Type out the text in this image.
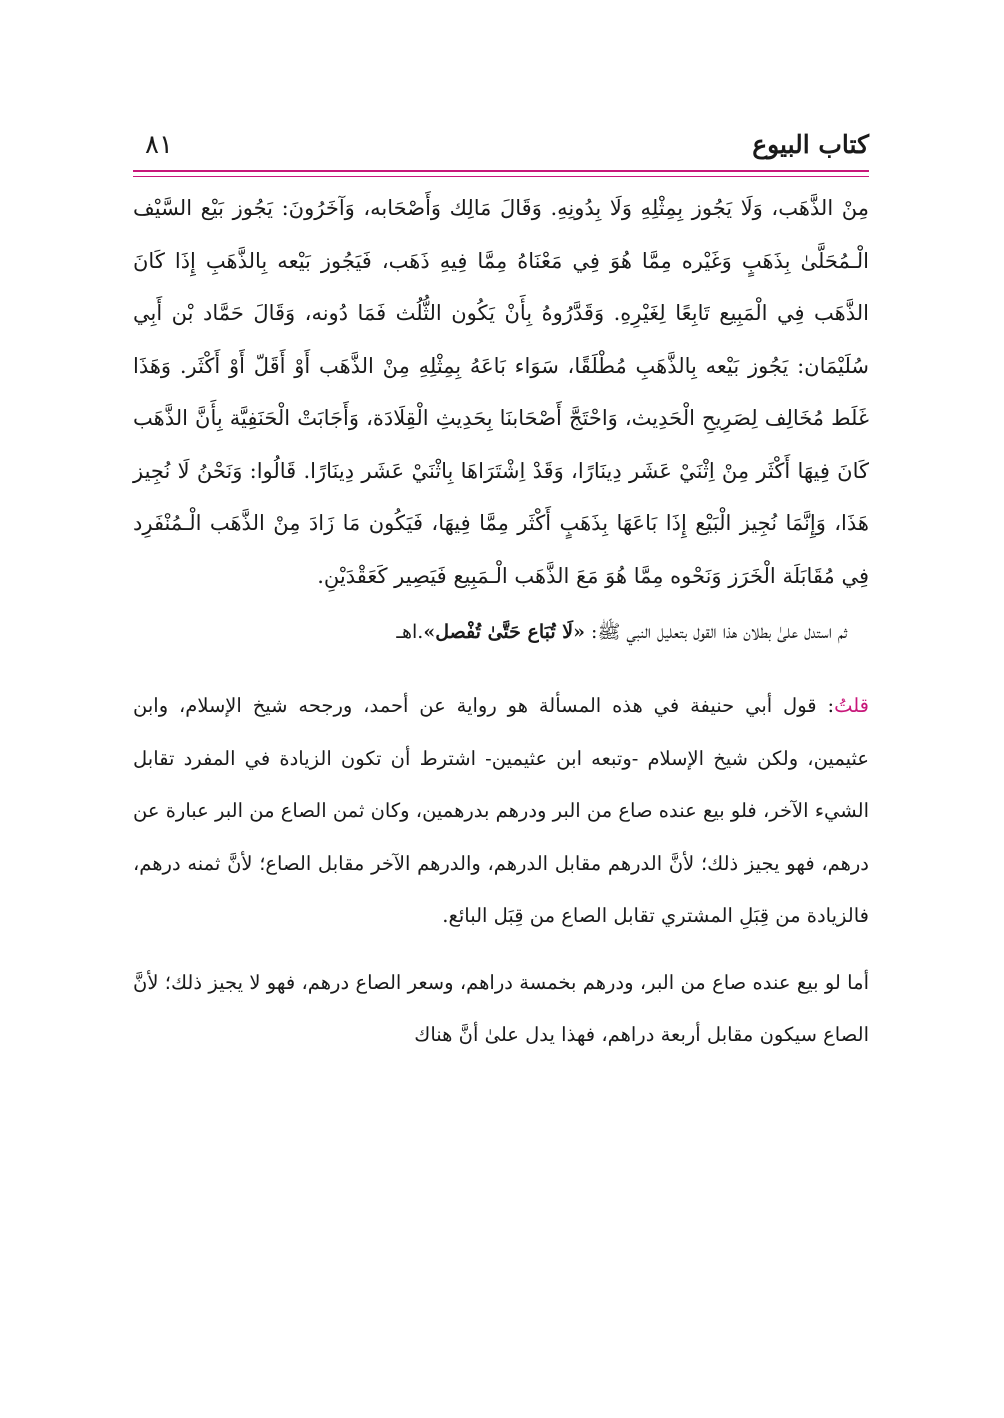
٨١	كتاب البيوع

مِنْ الذَّهَب، وَلَا يَجُوز بِمِثْلِهِ وَلَا بِدُونِهِ. وَقَالَ مَالِك وَأَصْحَابه، وَآخَرُونَ: يَجُوز بَيْع السَّيْف الْـمُحَلَّىٰ بِذَهَبٍ وَغَيْره مِمَّا هُوَ فِي مَعْنَاهُ مِمَّا فِيهِ ذَهَب، فَيَجُوز بَيْعه بِالذَّهَبِ إِذَا كَانَ الذَّهَب فِي الْمَبِيع تَابِعًا لِغَيْرِهِ. وَقَدَّرُوهُ بِأَنْ يَكُون الثُّلُث فَمَا دُونه، وَقَالَ حَمَّاد بْن أَبِي سُلَيْمَان: يَجُوز بَيْعه بِالذَّهَبِ مُطْلَقًا، سَوَاء بَاعَهُ بِمِثْلِهِ مِنْ الذَّهَب أَوْ أَقَلّ أَوْ أَكْثَر. وَهَذَا غَلَط مُخَالِف لِصَرِيحِ الْحَدِيث، وَاحْتَجَّ أَصْحَابنَا بِحَدِيثِ الْقِلَادَة، وَأَجَابَتْ الْحَنَفِيَّة بِأَنَّ الذَّهَب كَانَ فِيهَا أَكْثَر مِنْ اِثْنَيْ عَشَر دِينَارًا، وَقَدْ اِشْتَرَاهَا بِاثْنَيْ عَشَر دِينَارًا. قَالُوا: وَنَحْنُ لَا نُجِيز هَذَا، وَإِنَّمَا نُجِيز الْبَيْع إِذَا بَاعَهَا بِذَهَبٍ أَكْثَر مِمَّا فِيهَا، فَيَكُون مَا زَادَ مِنْ الذَّهَب الْـمُنْفَرِد فِي مُقَابَلَة الْخَرَز وَنَحْوه مِمَّا هُوَ مَعَ الذَّهَب الْـمَبِيع فَيَصِير كَعَقْدَيْنِ.

ثم استدل علىٰ بطلان هذا القول بتعليل النبي ﷺ: «لَا تُبَاع حَتَّىٰ تُفْصل».اهـ

قلتُ: قول أبي حنيفة في هذه المسألة هو رواية عن أحمد، ورجحه شيخ الإسلام، وابن عثيمين، ولكن شيخ الإسلام -وتبعه ابن عثيمين- اشترط أن تكون الزيادة في المفرد تقابل الشيء الآخر، فلو بيع عنده صاع من البر ودرهم بدرهمين، وكان ثمن الصاع من البر عبارة عن درهم، فهو يجيز ذلك؛ لأنَّ الدرهم مقابل الدرهم، والدرهم الآخر مقابل الصاع؛ لأنَّ ثمنه درهم، فالزيادة من قِبَلِ المشتري تقابل الصاع من قِبَل البائع.

أما لو بيع عنده صاع من البر، ودرهم بخمسة دراهم، وسعر الصاع درهم، فهو لا يجيز ذلك؛ لأنَّ الصاع سيكون مقابل أربعة دراهم، فهذا يدل علىٰ أنَّ هناك
